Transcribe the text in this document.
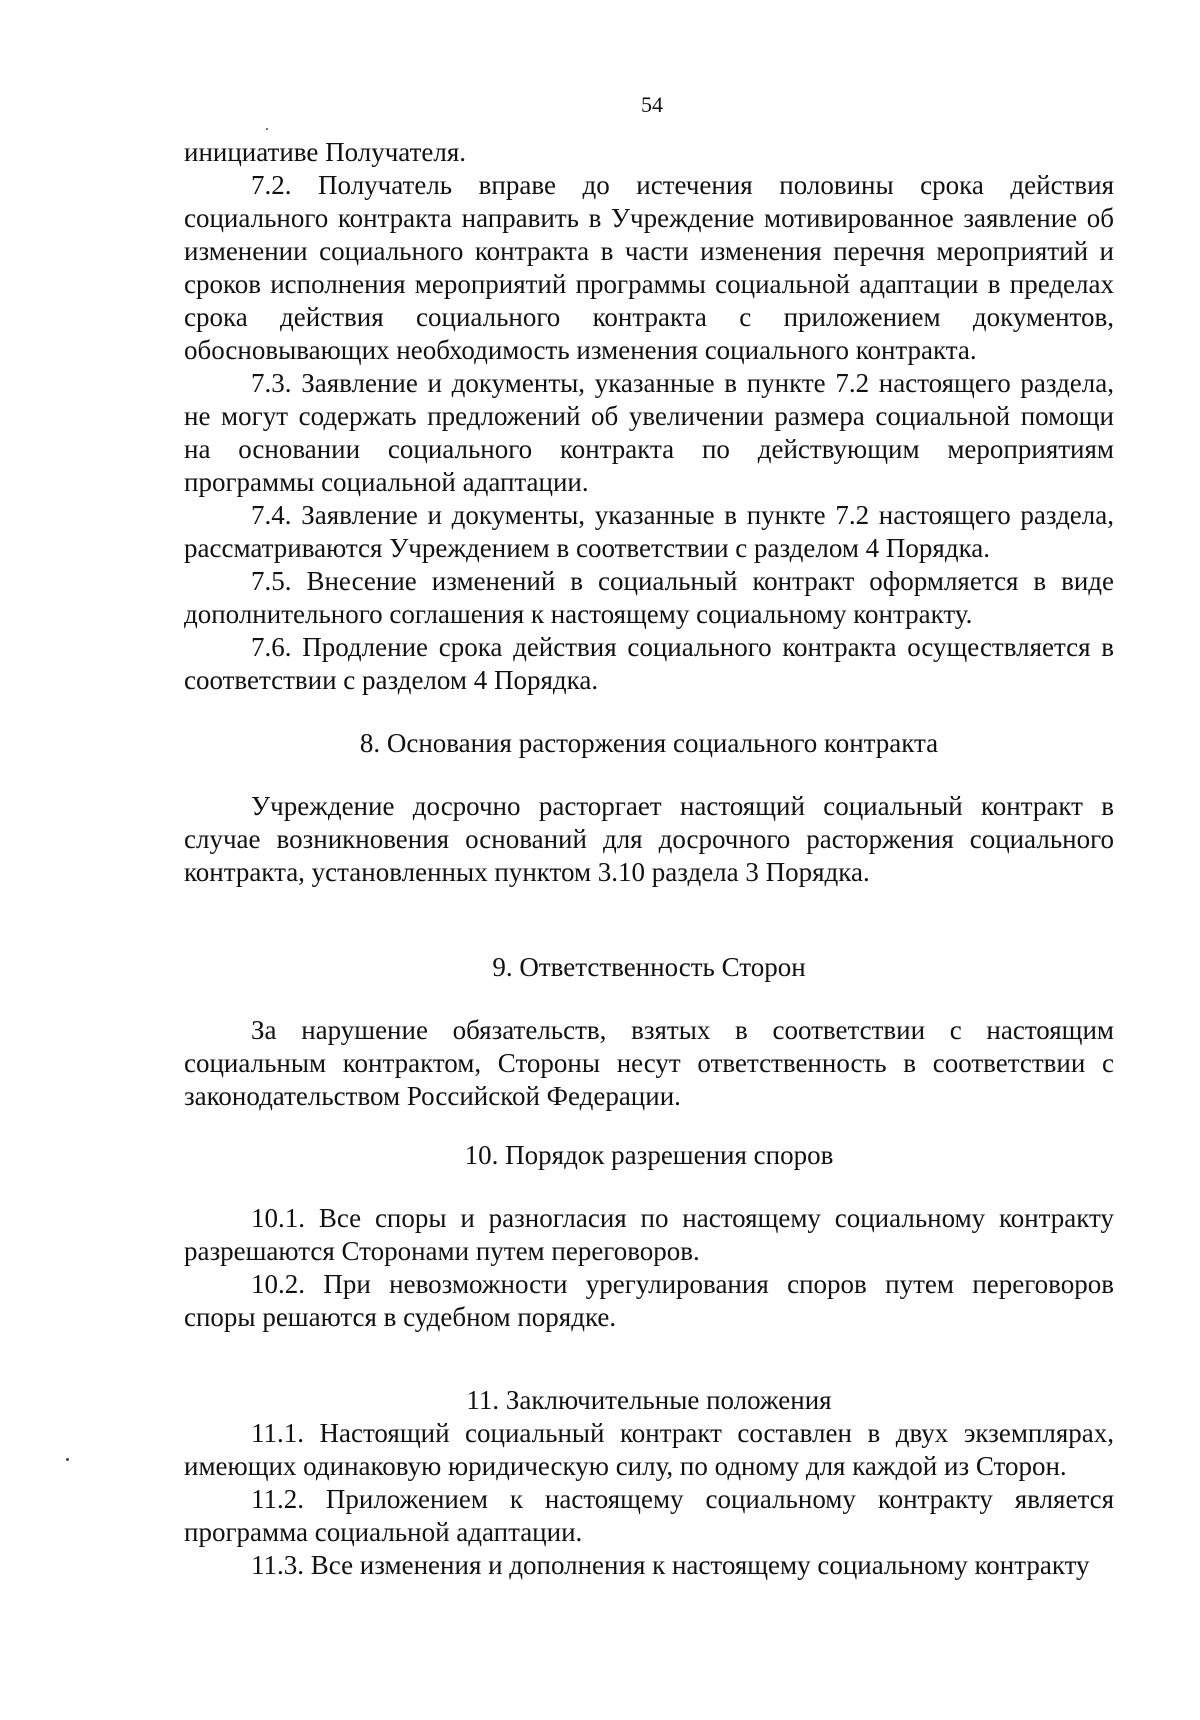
54

инициативе Получателя.

7.2. Получатель вправе до истечения половины срока действия социального контракта направить в Учреждение мотивированное заявление об изменении социального контракта в части изменения перечня мероприятий и сроков исполнения мероприятий программы социальной адаптации в пределах срока действия социального контракта с приложением документов, обосновывающих необходимость изменения социального контракта.

7.3. Заявление и документы, указанные в пункте 7.2 настоящего раздела, не могут содержать предложений об увеличении размера социальной помощи на основании социального контракта по действующим мероприятиям программы социальной адаптации.

7.4. Заявление и документы, указанные в пункте 7.2 настоящего раздела, рассматриваются Учреждением в соответствии с разделом 4 Порядка.

7.5. Внесение изменений в социальный контракт оформляется в виде дополнительного соглашения к настоящему социальному контракту.

7.6. Продление срока действия социального контракта осуществляется в соответствии с разделом 4 Порядка.

8. Основания расторжения социального контракта

Учреждение досрочно расторгает настоящий социальный контракт в случае возникновения оснований для досрочного расторжения социального контракта, установленных пунктом 3.10 раздела 3 Порядка.

9. Ответственность Сторон

За нарушение обязательств, взятых в соответствии с настоящим социальным контрактом, Стороны несут ответственность в соответствии с законодательством Российской Федерации.

10. Порядок разрешения споров

10.1. Все споры и разногласия по настоящему социальному контракту разрешаются Сторонами путем переговоров.

10.2. При невозможности урегулирования споров путем переговоров споры решаются в судебном порядке.

11. Заключительные положения

11.1. Настоящий социальный контракт составлен в двух экземплярах, имеющих одинаковую юридическую силу, по одному для каждой из Сторон.

11.2. Приложением к настоящему социальному контракту является программа социальной адаптации.

11.3. Все изменения и дополнения к настоящему социальному контракту
